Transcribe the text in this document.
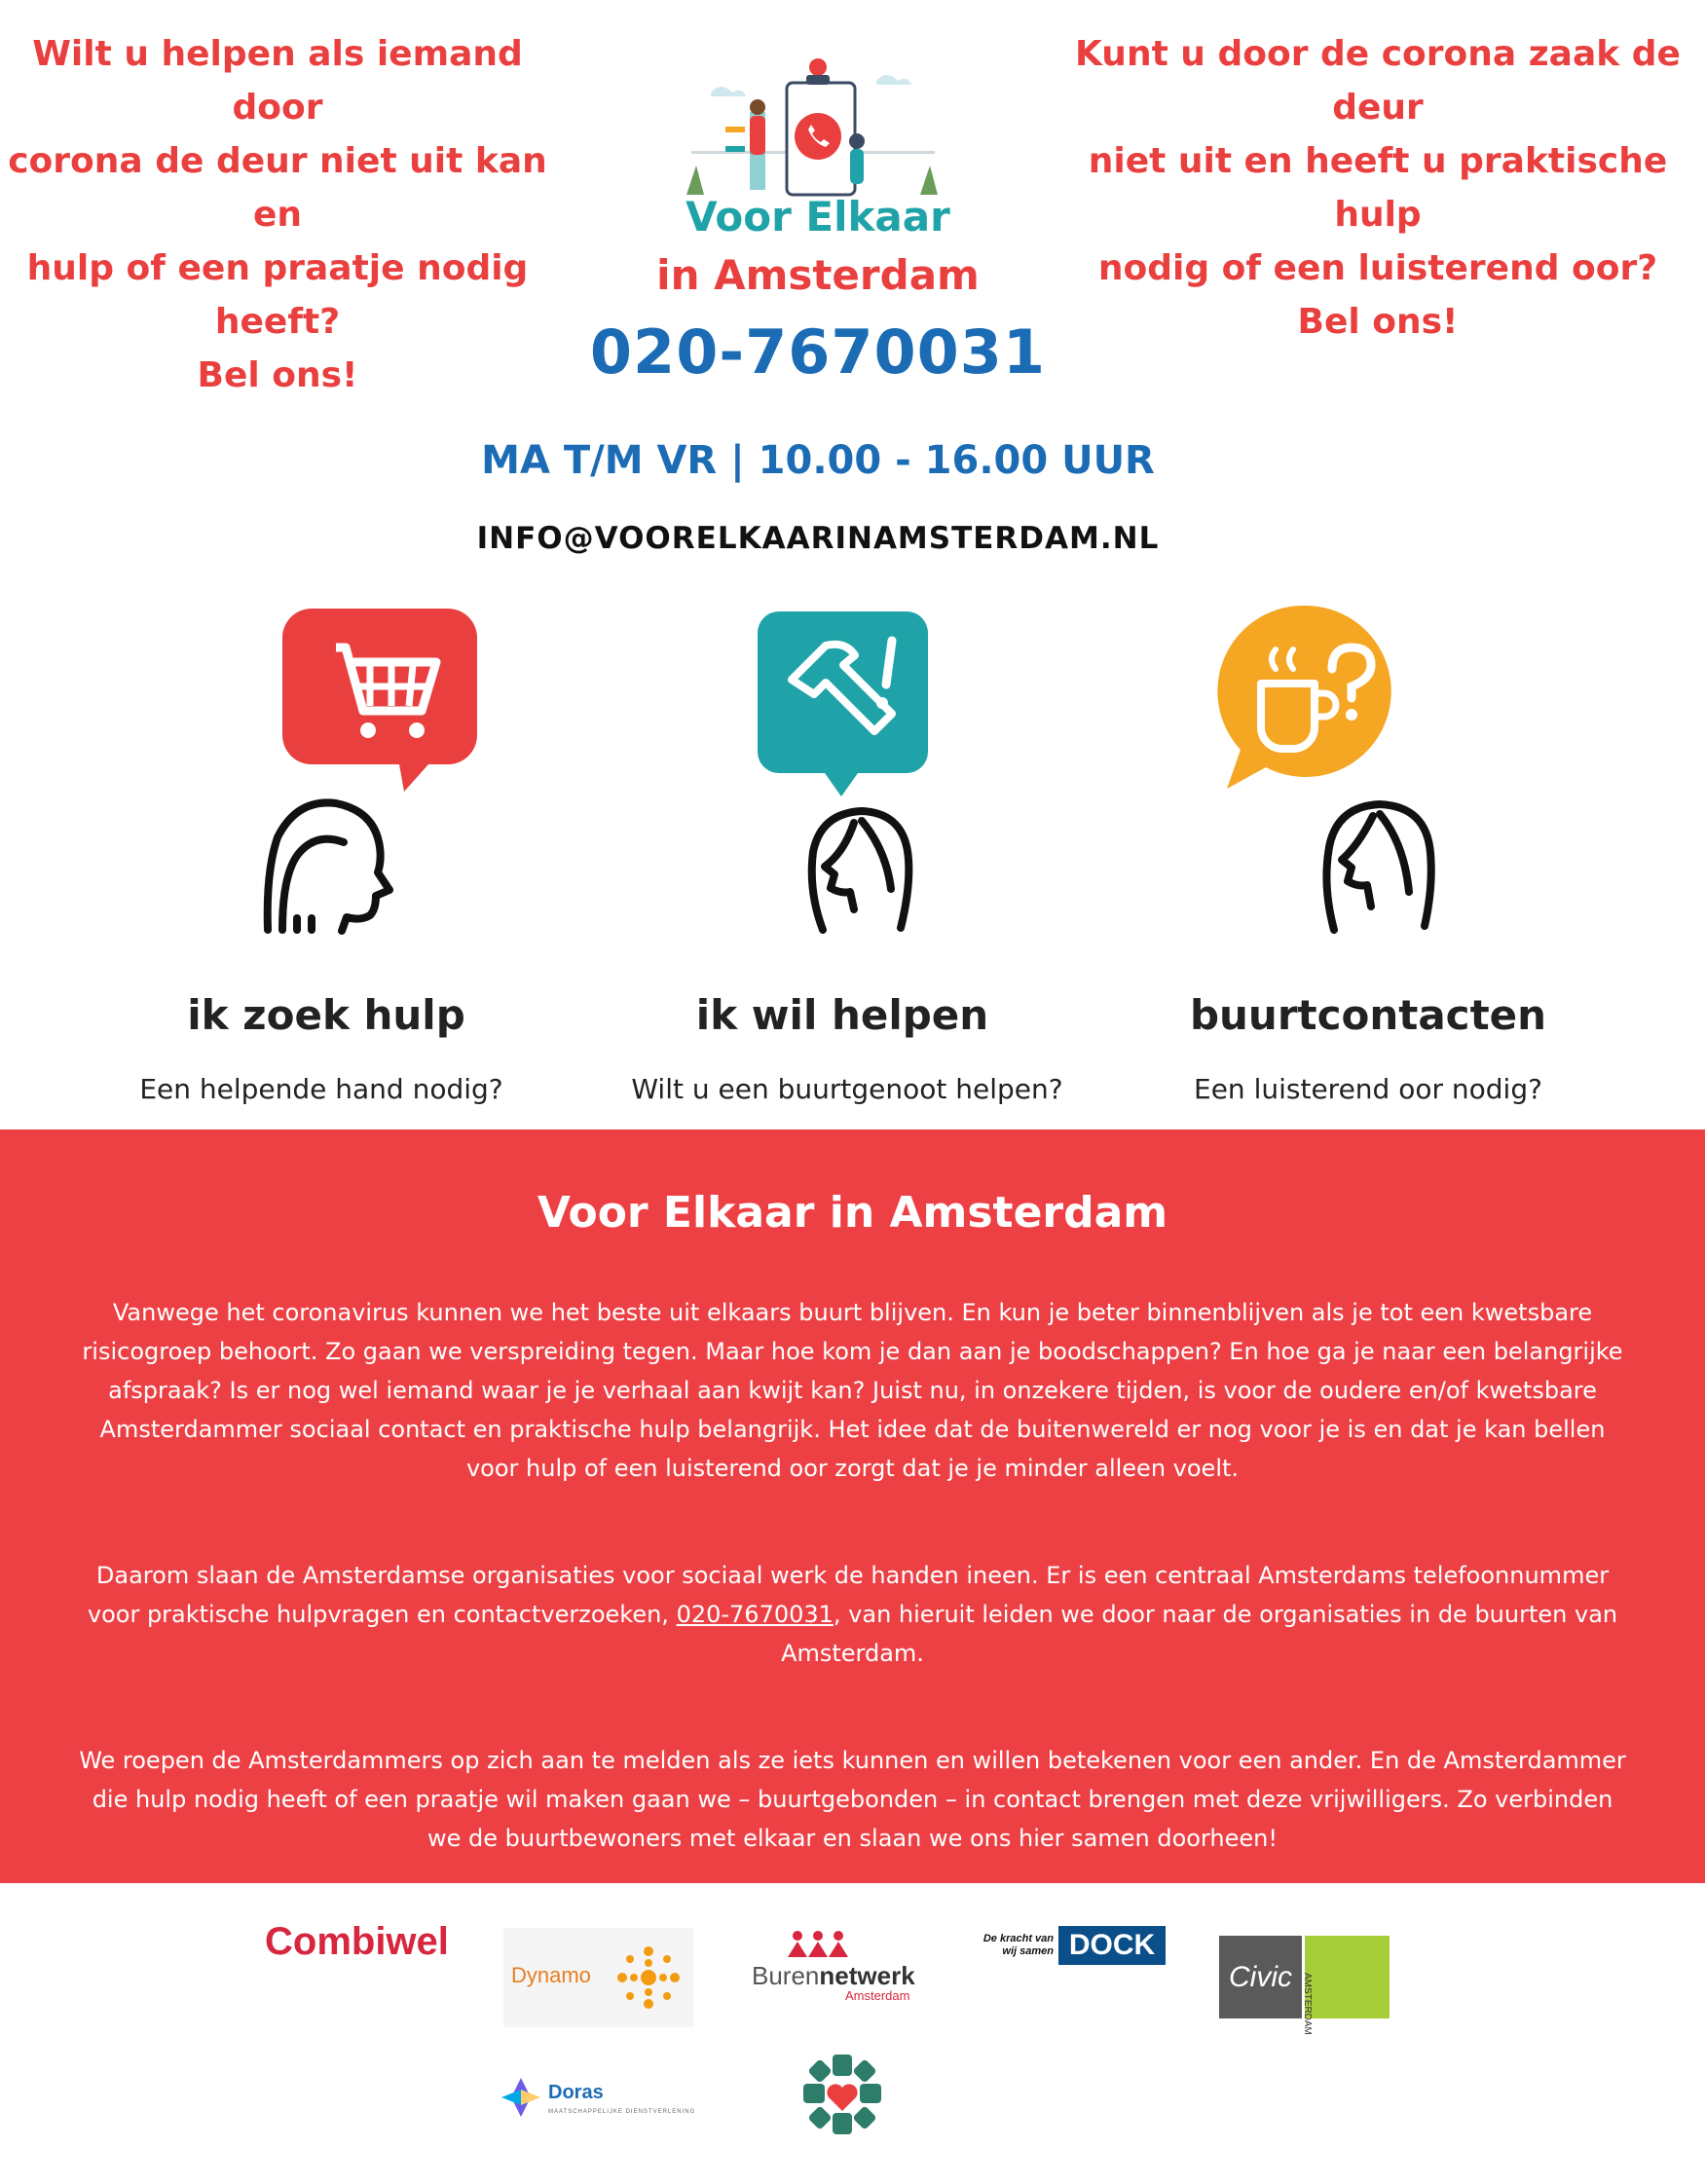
Wilt u helpen als iemand door
corona de deur niet uit kan en
hulp of een praatje nodig heeft?
Bel ons!
Kunt u door de corona zaak de deur
niet uit en heeft u praktische hulp
nodig of een luisterend oor?
Bel ons!
Voor Elkaar
in Amsterdam
020-7670031
MA T/M VR | 10.00 - 16.00 UUR
INFO@VOORELKAARINAMSTERDAM.NL
ik zoek hulp
Een helpende hand nodig?
ik wil helpen
Wilt u een buurtgenoot helpen?
buurtcontacten
Een luisterend oor nodig?
Voor Elkaar in Amsterdam
Vanwege het coronavirus kunnen we het beste uit elkaars buurt blijven. En kun je beter binnenblijven als je tot een kwetsbare risicogroep behoort. Zo gaan we verspreiding tegen. Maar hoe kom je dan aan je boodschappen? En hoe ga je naar een belangrijke afspraak? Is er nog wel iemand waar je je verhaal aan kwijt kan? Juist nu, in onzekere tijden, is voor de oudere en/of kwetsbare Amsterdammer sociaal contact en praktische hulp belangrijk. Het idee dat de buitenwereld er nog voor je is en dat je kan bellen voor hulp of een luisterend oor zorgt dat je je minder alleen voelt.
Daarom slaan de Amsterdamse organisaties voor sociaal werk de handen ineen. Er is een centraal Amsterdams telefoonnummer voor praktische hulpvragen en contactverzoeken, 020-7670031, van hieruit leiden we door naar de organisaties in de buurten van Amsterdam.
We roepen de Amsterdammers op zich aan te melden als ze iets kunnen en willen betekenen voor een ander. En de Amsterdammer die hulp nodig heeft of een praatje wil maken gaan we – buurtgebonden – in contact brengen met deze vrijwilligers. Zo verbinden we de buurtbewoners met elkaar en slaan we ons hier samen doorheen!
Combiwel
Dynamo	Burennetwerk
Amsterdam
De kracht van wij samen DOCK
Civic	AMSTERDAM
Doras
MAATSCHAPPELIJKE DIENSTVERLENING
